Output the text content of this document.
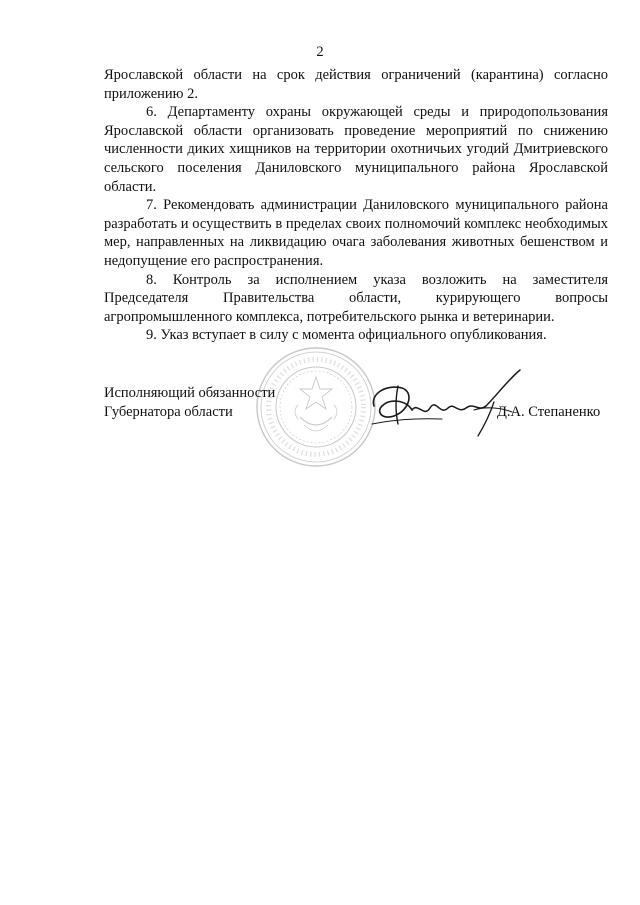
2

Ярославской области на срок действия ограничений (карантина) согласно приложению 2.

6. Департаменту охраны окружающей среды и природопользования Ярославской области организовать проведение мероприятий по снижению численности диких хищников на территории охотничьих угодий Дмитриевского сельского поселения Даниловского муниципального района Ярославской области.

7. Рекомендовать администрации Даниловского муниципального района разработать и осуществить в пределах своих полномочий комплекс необходимых мер, направленных на ликвидацию очага заболевания животных бешенством и недопущение его распространения.

8. Контроль за исполнением указа возложить на заместителя Председателя Правительства области, курирующего вопросы агропромышленного комплекса, потребительского рынка и ветеринарии.

9. Указ вступает в силу с момента официального опубликования.

Исполняющий обязанности
Губернатора области	Д.А. Степаненко
